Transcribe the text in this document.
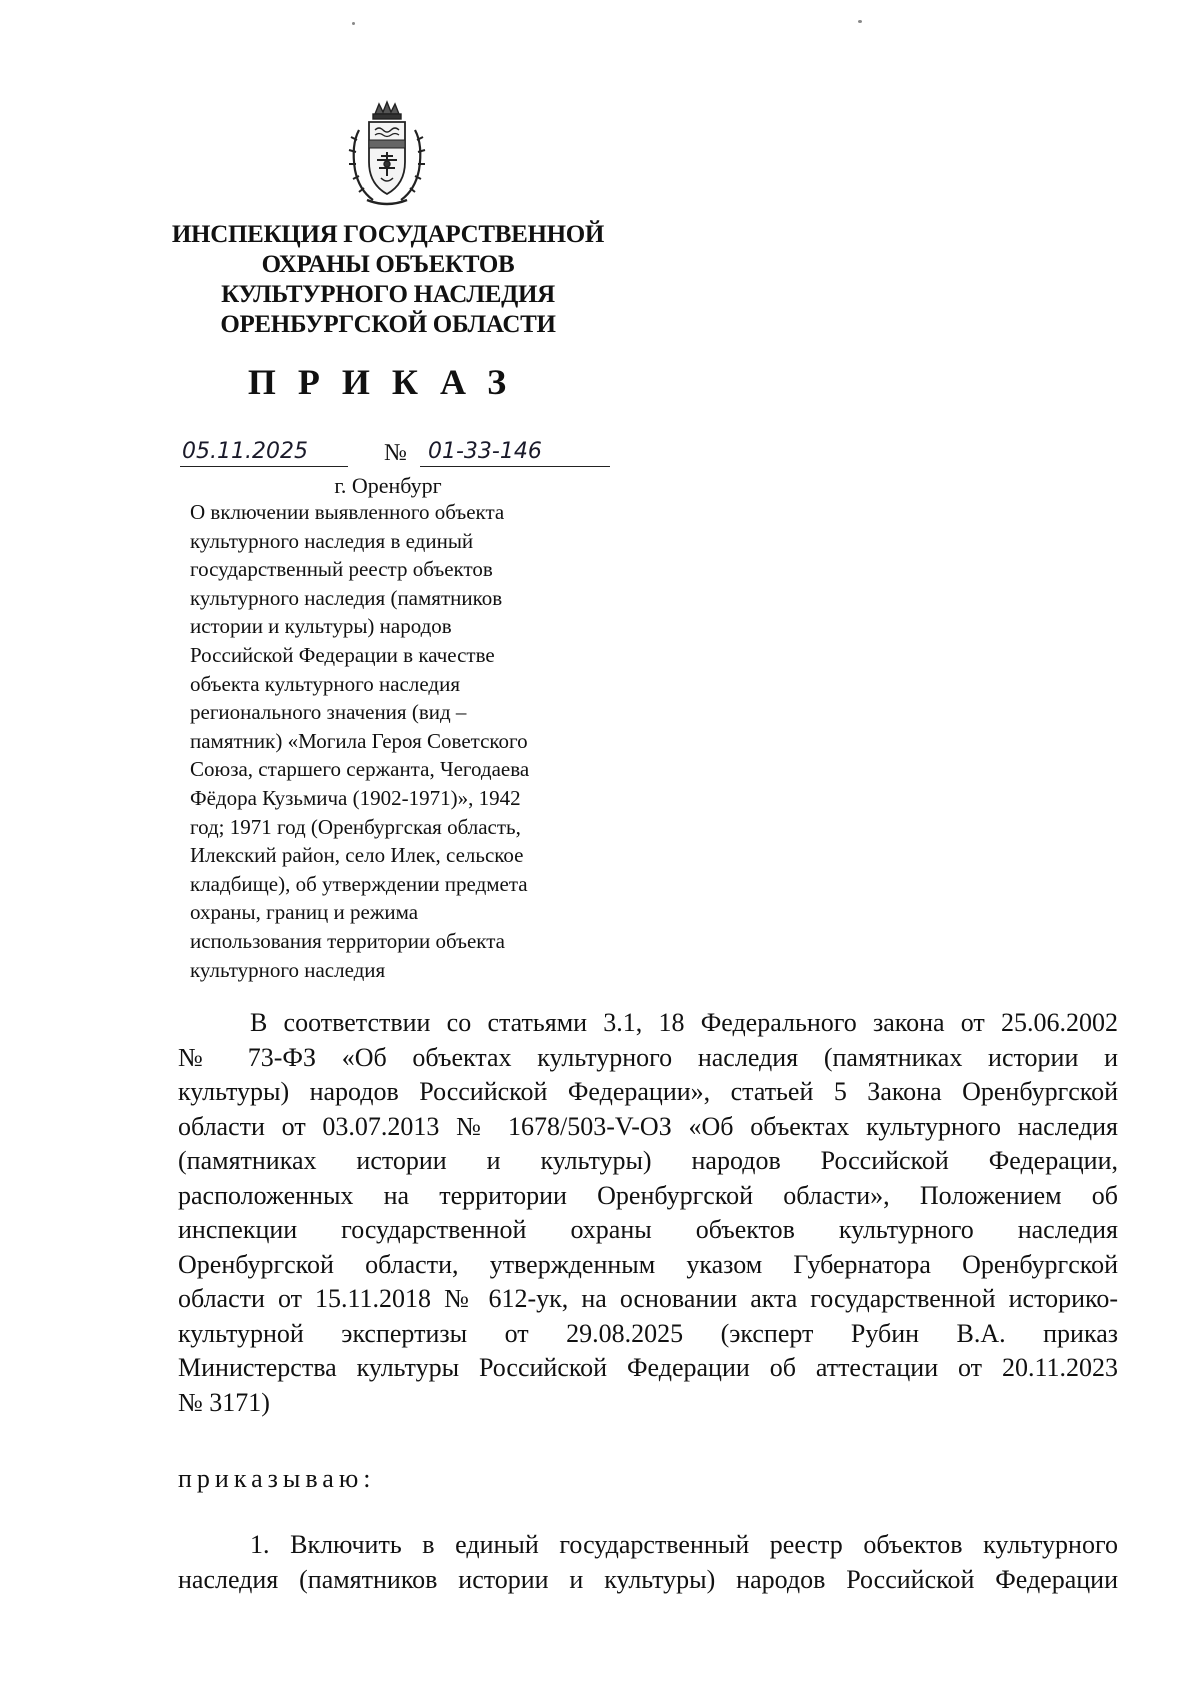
ИНСПЕКЦИЯ ГОСУДАРСТВЕННОЙ
ОХРАНЫ ОБЪЕКТОВ
КУЛЬТУРНОГО НАСЛЕДИЯ
ОРЕНБУРГСКОЙ ОБЛАСТИ
ПРИКАЗ
05.11.2025	№ 01-33-146
г. Оренбург
О включении выявленного объекта
культурного наследия в единый
государственный реестр объектов
культурного наследия (памятников
истории и культуры) народов
Российской Федерации в качестве
объекта культурного наследия
регионального значения (вид –
памятник) «Могила Героя Советского
Союза, старшего сержанта, Чегодаева
Фёдора Кузьмича (1902-1971)», 1942
год; 1971 год (Оренбургская область,
Илекский район, село Илек, сельское
кладбище), об утверждении предмета
охраны, границ и режима
использования территории объекта
культурного наследия
В соответствии со статьями 3.1, 18 Федерального закона от 25.06.2002
№ 73-ФЗ «Об объектах культурного наследия (памятниках истории и
культуры) народов Российской Федерации», статьей 5 Закона Оренбургской
области от 03.07.2013 № 1678/503-V-ОЗ «Об объектах культурного наследия
(памятниках истории и культуры) народов Российской Федерации,
расположенных на территории Оренбургской области», Положением об
инспекции государственной охраны объектов культурного наследия
Оренбургской области, утвержденным указом Губернатора Оренбургской
области от 15.11.2018 № 612-ук, на основании акта государственной историко-
культурной экспертизы от 29.08.2025 (эксперт Рубин В.А. приказ
Министерства культуры Российской Федерации об аттестации от 20.11.2023
№ 3171)
приказываю:
1. Включить в единый государственный реестр объектов культурного
наследия (памятников истории и культуры) народов Российской Федерации
